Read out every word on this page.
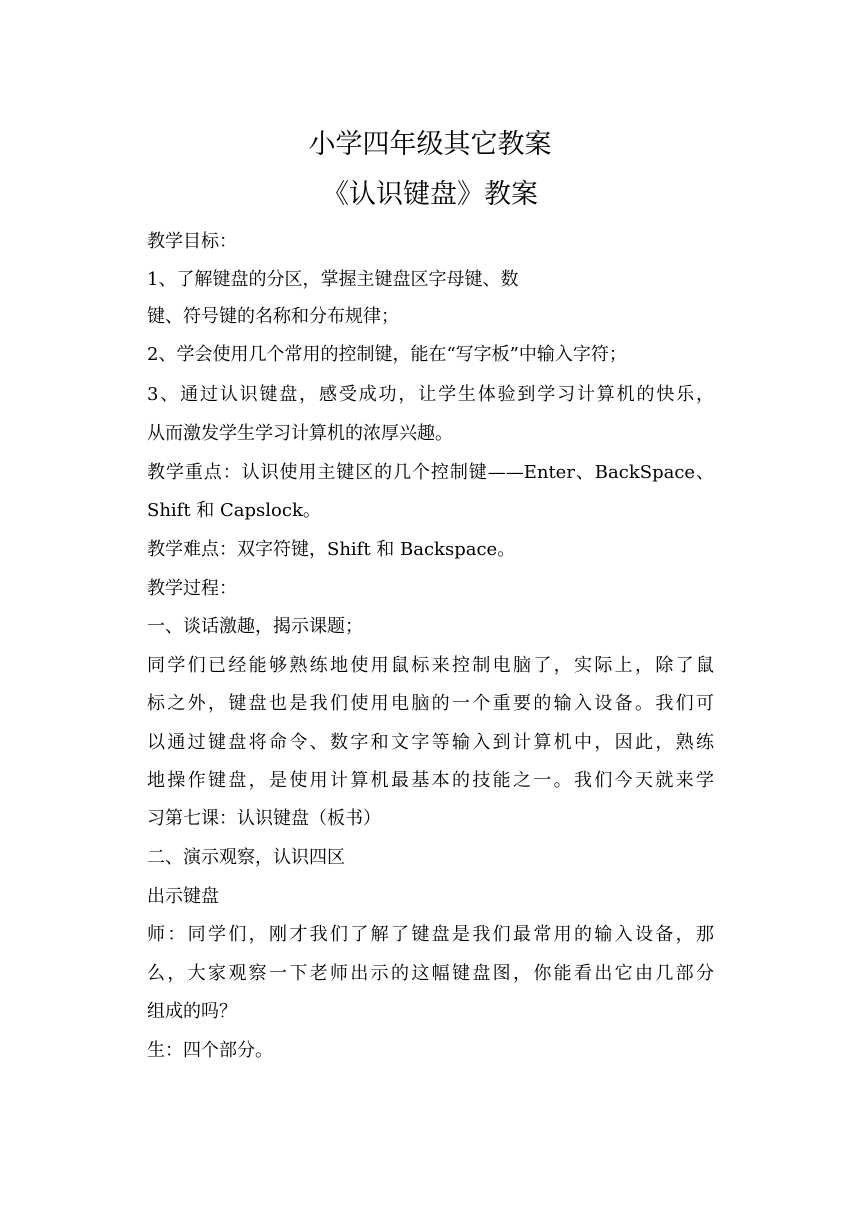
小学四年级其它教案
《认识键盘》教案
教学目标：
1、了解键盘的分区，掌握主键盘区字母键、数
键、符号键的名称和分布规律；
2、学会使用几个常用的控制键，能在“写字板”中输入字符；
3、通过认识键盘，感受成功，让学生体验到学习计算机的快乐，
从而激发学生学习计算机的浓厚兴趣。
教学重点：认识使用主键区的几个控制键——Enter、BackSpace、
Shift 和 Capslock。
教学难点：双字符键，Shift 和 Backspace。
教学过程：
一、谈话激趣，揭示课题；
同学们已经能够熟练地使用鼠标来控制电脑了，实际上，除了鼠
标之外，键盘也是我们使用电脑的一个重要的输入设备。我们可
以通过键盘将命令、数字和文字等输入到计算机中，因此，熟练
地操作键盘，是使用计算机最基本的技能之一。我们今天就来学
习第七课：认识键盘（板书）
二、演示观察，认识四区
出示键盘
师：同学们，刚才我们了解了键盘是我们最常用的输入设备，那
么，大家观察一下老师出示的这幅键盘图，你能看出它由几部分
组成的吗？
生：四个部分。
